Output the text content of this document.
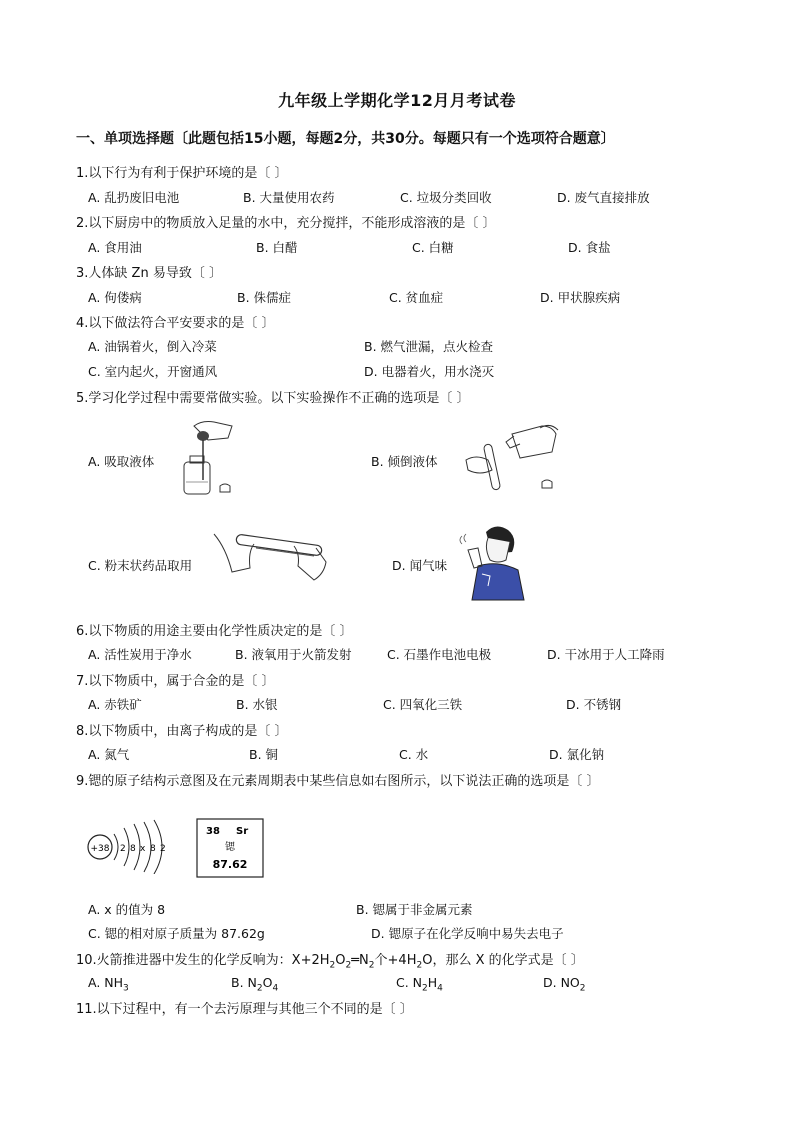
九年级上学期化学12月月考试卷
一、单项选择题〔此题包括15小题，每题2分，共30分。每题只有一个选项符合题意〕
1.以下行为有利于保护环境的是〔 〕
A. 乱扔废旧电池	B. 大量使用农药	C. 垃圾分类回收	D. 废气直接排放
2.以下厨房中的物质放入足量的水中，充分搅拌，不能形成溶液的是〔 〕
A. 食用油	B. 白醋	C. 白糖	D. 食盐
3.人体缺 Zn 易导致〔 〕
A. 佝偻病	B. 侏儒症	C. 贫血症	D. 甲状腺疾病
4.以下做法符合平安要求的是〔 〕
A. 油锅着火，倒入冷菜	B. 燃气泄漏，点火检查
C. 室内起火，开窗通风	D. 电器着火，用水浇灭
5.学习化学过程中需要常做实验。以下实验操作不正确的选项是〔 〕
A. 吸取液体	B. 倾倒液体
C. 粉末状药品取用	D. 闻气味
6.以下物质的用途主要由化学性质决定的是〔 〕
A. 活性炭用于净水	B. 液氧用于火箭发射	C. 石墨作电池电极	D. 干冰用于人工降雨
7.以下物质中，属于合金的是〔 〕
A. 赤铁矿	B. 水银	C. 四氧化三铁	D. 不锈钢
8.以下物质中，由离子构成的是〔 〕
A. 氮气	B. 铜	C. 水	D. 氯化钠
9.锶的原子结构示意图及在元素周期表中某些信息如右图所示，以下说法正确的选项是〔 〕
+38 2 8 x 8 2
38 Sr
锶
87.62
A. x 的值为 8	B. 锶属于非金属元素
C. 锶的相对原子质量为 87.62g	D. 锶原子在化学反响中易失去电子
10.火箭推进器中发生的化学反响为：$X+2H_2O_2═N_2$个$+4H_2O$，那么 X 的化学式是〔 〕
A. $NH_3$	B. $N_2O_4$	C. $N_2H_4$	D. $NO_2$
11.以下过程中，有一个去污原理与其他三个不同的是〔 〕
